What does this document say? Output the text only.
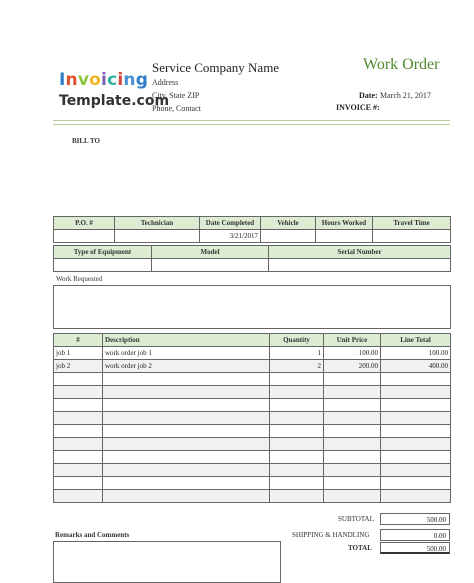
Invoicing
Template.com
Service Company Name
Address
City, State ZIP
Phone, Contact
Work Order
Date: March 21, 2017
INVOICE #:
BILL TO
P.O. #	Technician	Date Completed	Vehicle	Hours Worked	Travel Time
		3/21/2017			
Type of Equipment	Model	Serial Number

Work Requested
#	Description	Quantity	Unit Price	Line Total
job 1	work order job 1	1	100.00	100.00
job 2	work order job 2	2	200.00	400.00

SUBTOTAL	500.00
SHIPPING & HANDLING	0.00
TOTAL	500.00
Remarks and Comments
